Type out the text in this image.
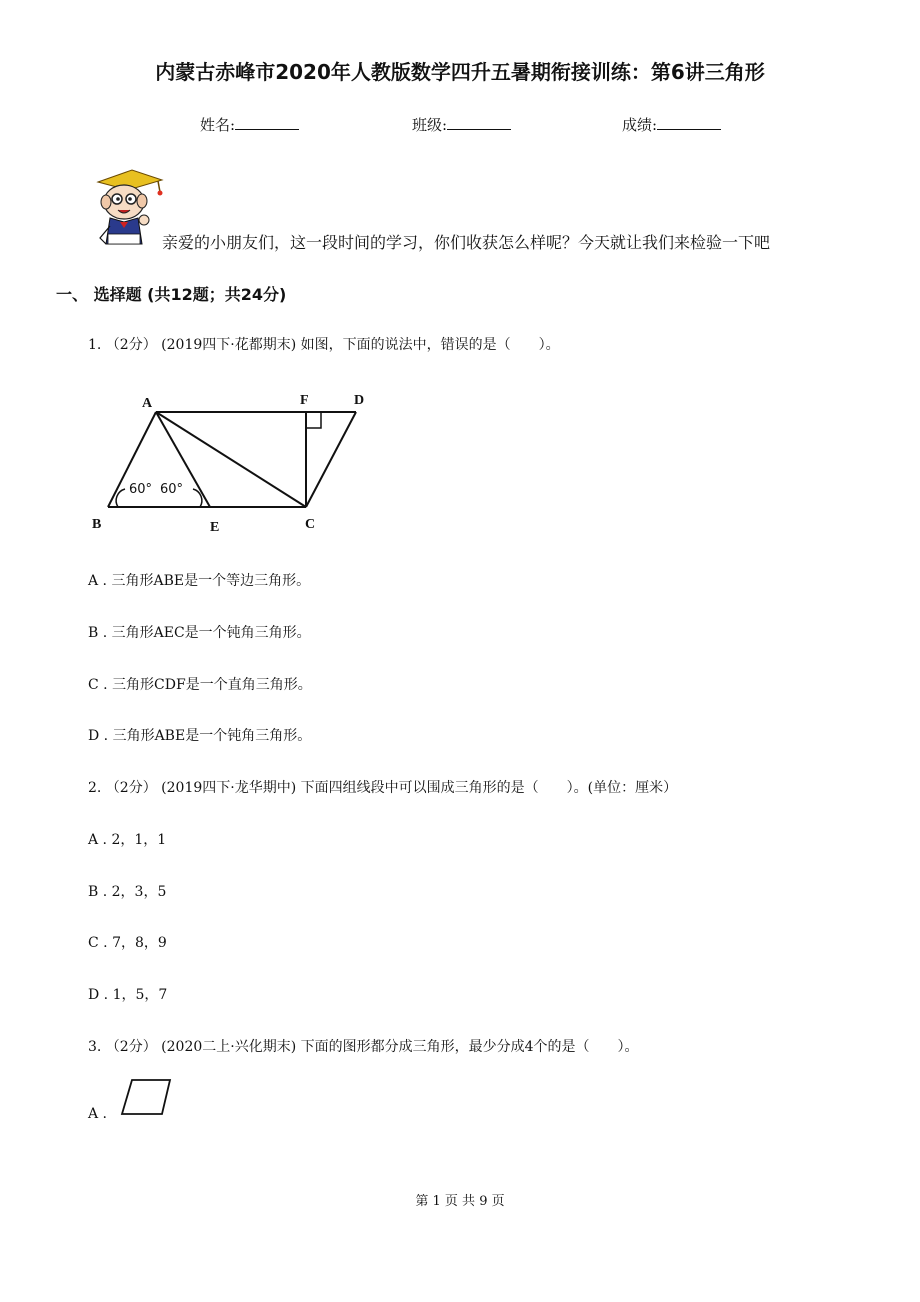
内蒙古赤峰市2020年人教版数学四升五暑期衔接训练：第6讲三角形
姓名:	班级:	成绩:
亲爱的小朋友们，这一段时间的学习，你们收获怎么样呢？今天就让我们来检验一下吧
一、 选择题 (共12题；共24分)
1. （2分） (2019四下·花都期末) 如图，下面的说法中，错误的是（　　）。
A	F	D
B	E	C
60° 60°
A . 三角形ABE是一个等边三角形。
B . 三角形AEC是一个钝角三角形。
C . 三角形CDF是一个直角三角形。
D . 三角形ABE是一个钝角三角形。
2. （2分） (2019四下·龙华期中) 下面四组线段中可以围成三角形的是（　　）。(单位：厘米）
A . 2，1，1
B . 2，3，5
C . 7，8，9
D . 1，5，7
3. （2分） (2020二上·兴化期末) 下面的图形都分成三角形，最少分成4个的是（　　）。
A .
第 1 页 共 9 页
